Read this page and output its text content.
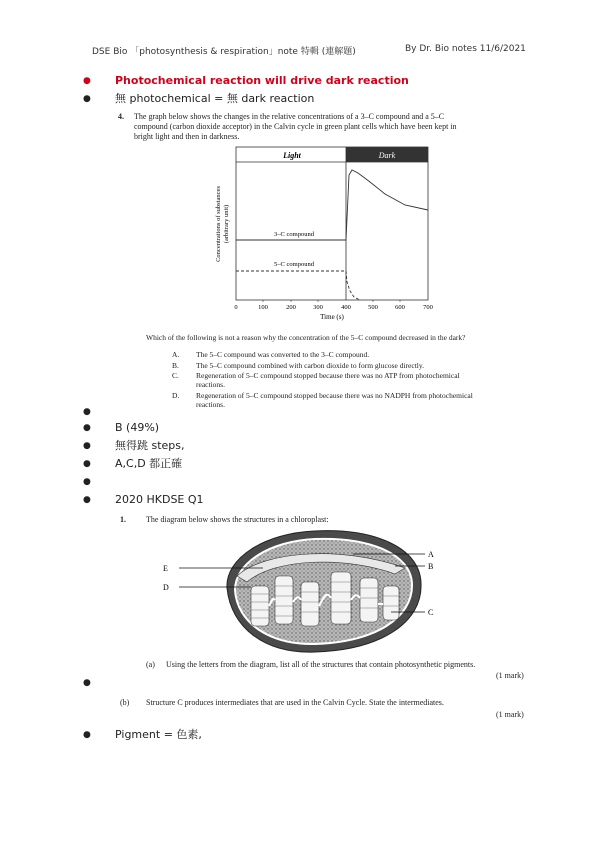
DSE Bio 「photosynthesis & respiration」note 特輯 (連解題)	By Dr. Bio notes 11/6/2021
Photochemical reaction will drive dark reaction
無 photochemical = 無 dark reaction
4. The graph below shows the changes in the relative concentrations of a 3–C compound and a 5–C
compound (carbon dioxide acceptor) in the Calvin cycle in green plant cells which have been kept in
bright light and then in darkness.
Light	Dark
3–C compound
5–C compound
Concentrations of substances (arbitrary unit)
0	100	200	300	400	500	600	700
Time (s)
Which of the following is not a reason why the concentration of the 5–C compound decreased in the dark?
A. The 5–C compound was converted to the 3–C compound.
B. The 5–C compound combined with carbon dioxide to form glucose directly.
C. Regeneration of 5–C compound stopped because there was no ATP from photochemical
reactions.
D. Regeneration of 5–C compound stopped because there was no NADPH from photochemical
reactions.
B (49%)
無得跳 steps,
A,C,D 都正確
2020 HKDSE Q1
1.	The diagram below shows the structures in a chloroplast:
E
D
A
B
C
(a) Using the letters from the diagram, list all of the structures that contain photosynthetic pigments.
(1 mark)
(b) Structure C produces intermediates that are used in the Calvin Cycle. State the intermediates.
(1 mark)
Pigment = 色素,
